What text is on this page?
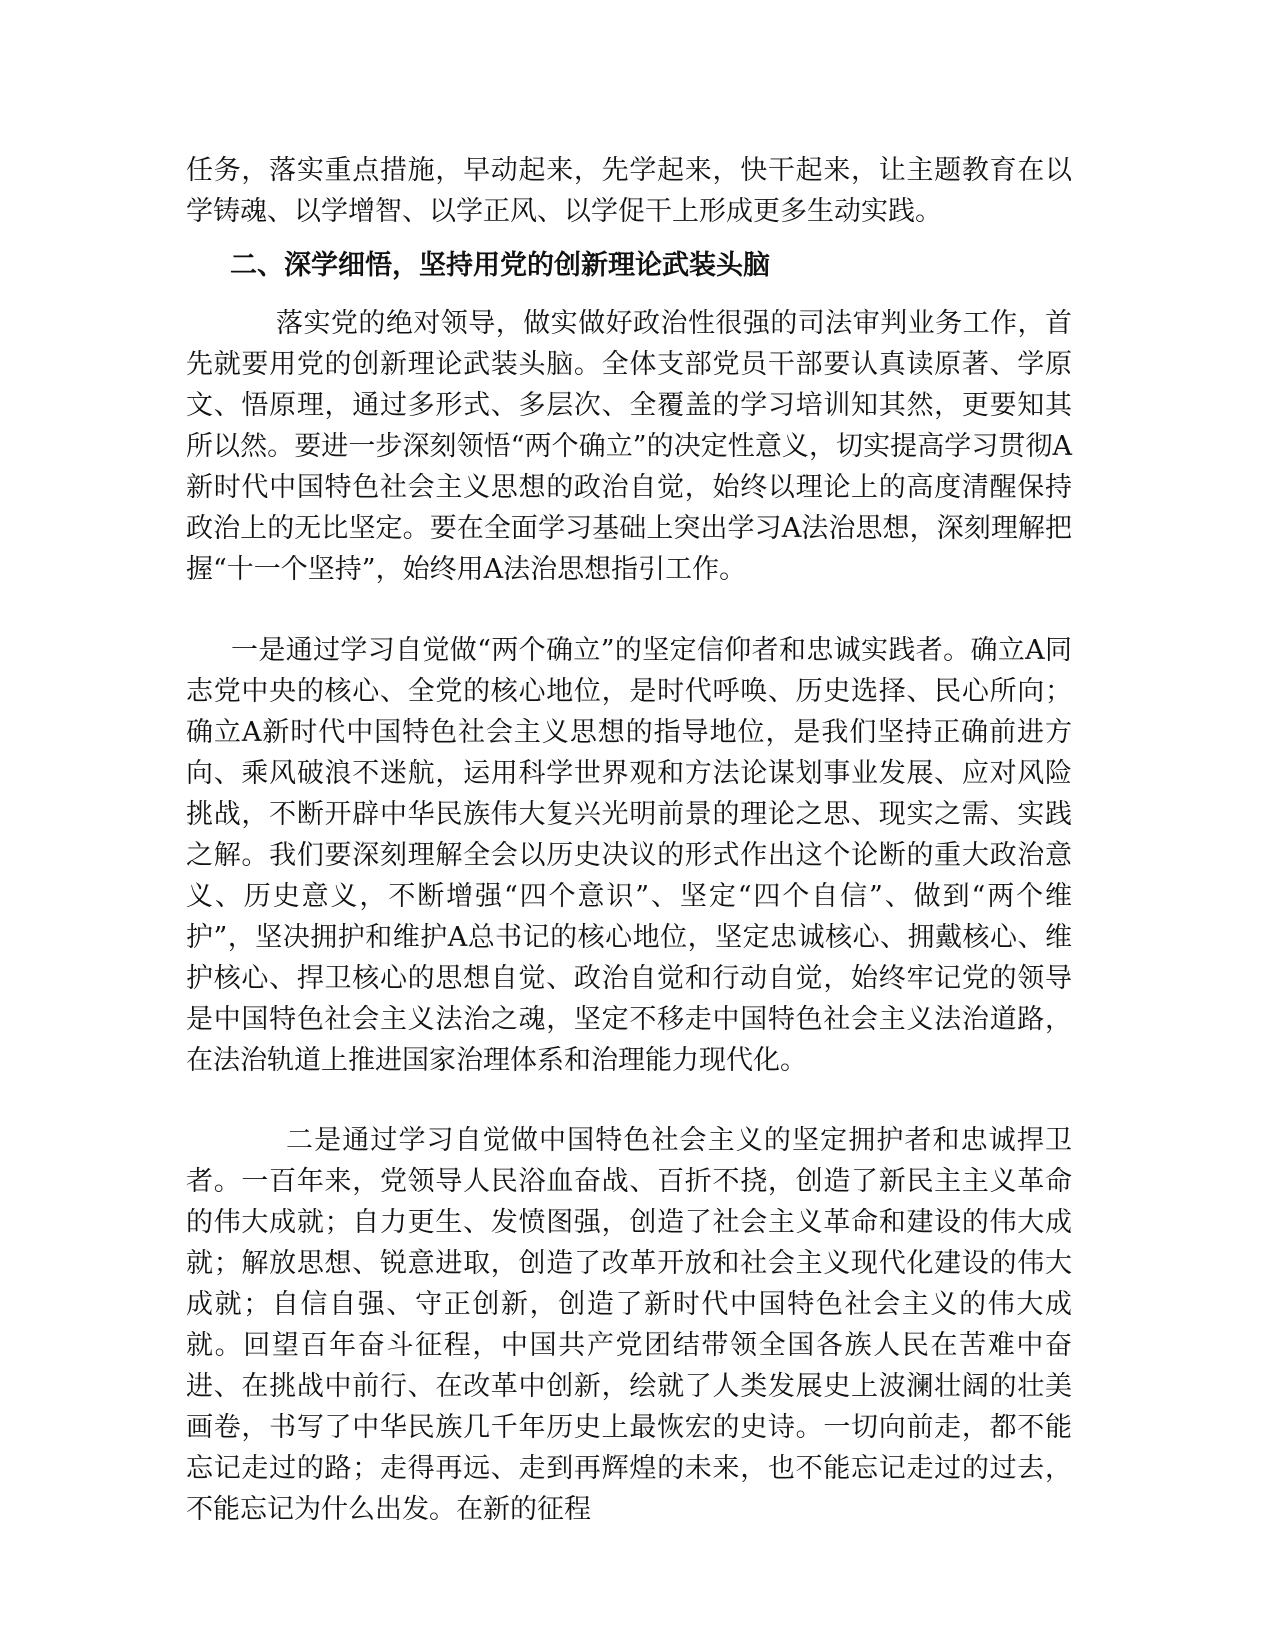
任务，落实重点措施，早动起来，先学起来，快干起来，让主题教育在以学铸魂、以学增智、以学正风、以学促干上形成更多生动实践。

二、深学细悟，坚持用党的创新理论武装头脑

落实党的绝对领导，做实做好政治性很强的司法审判业务工作，首先就要用党的创新理论武装头脑。全体支部党员干部要认真读原著、学原文、悟原理，通过多形式、多层次、全覆盖的学习培训知其然，更要知其所以然。要进一步深刻领悟“两个确立”的决定性意义，切实提高学习贯彻A新时代中国特色社会主义思想的政治自觉，始终以理论上的高度清醒保持政治上的无比坚定。要在全面学习基础上突出学习A法治思想，深刻理解把握“十一个坚持”，始终用A法治思想指引工作。

一是通过学习自觉做“两个确立”的坚定信仰者和忠诚实践者。确立A同志党中央的核心、全党的核心地位，是时代呼唤、历史选择、民心所向；确立A新时代中国特色社会主义思想的指导地位，是我们坚持正确前进方向、乘风破浪不迷航，运用科学世界观和方法论谋划事业发展、应对风险挑战，不断开辟中华民族伟大复兴光明前景的理论之思、现实之需、实践之解。我们要深刻理解全会以历史决议的形式作出这个论断的重大政治意义、历史意义，不断增强“四个意识”、坚定“四个自信”、做到“两个维护”，坚决拥护和维护A总书记的核心地位，坚定忠诚核心、拥戴核心、维护核心、捍卫核心的思想自觉、政治自觉和行动自觉，始终牢记党的领导是中国特色社会主义法治之魂，坚定不移走中国特色社会主义法治道路，在法治轨道上推进国家治理体系和治理能力现代化。

二是通过学习自觉做中国特色社会主义的坚定拥护者和忠诚捍卫者。一百年来，党领导人民浴血奋战、百折不挠，创造了新民主主义革命的伟大成就；自力更生、发愤图强，创造了社会主义革命和建设的伟大成就；解放思想、锐意进取，创造了改革开放和社会主义现代化建设的伟大成就；自信自强、守正创新，创造了新时代中国特色社会主义的伟大成就。回望百年奋斗征程，中国共产党团结带领全国各族人民在苦难中奋进、在挑战中前行、在改革中创新，绘就了人类发展史上波澜壮阔的壮美画卷，书写了中华民族几千年历史上最恢宏的史诗。一切向前走，都不能忘记走过的路；走得再远、走到再辉煌的未来，也不能忘记走过的过去，不能忘记为什么出发。在新的征程
